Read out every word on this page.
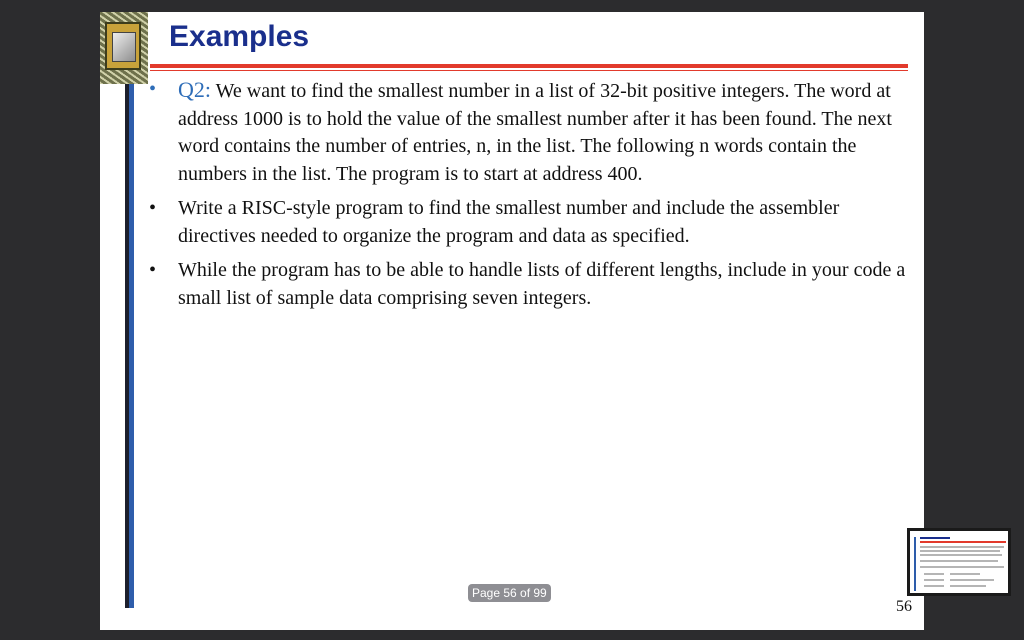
Examples
• Q2: We want to find the smallest number in a list of 32-bit positive integers. The word at address 1000 is to hold the value of the smallest number after it has been found. The next word contains the number of entries, n, in the list. The following n words contain the numbers in the list. The program is to start at address 400.
• Write a RISC-style program to find the smallest number and include the assembler directives needed to organize the program and data as specified.
• While the program has to be able to handle lists of different lengths, include in your code a small list of sample data comprising seven integers.
56
Page 56 of 99
